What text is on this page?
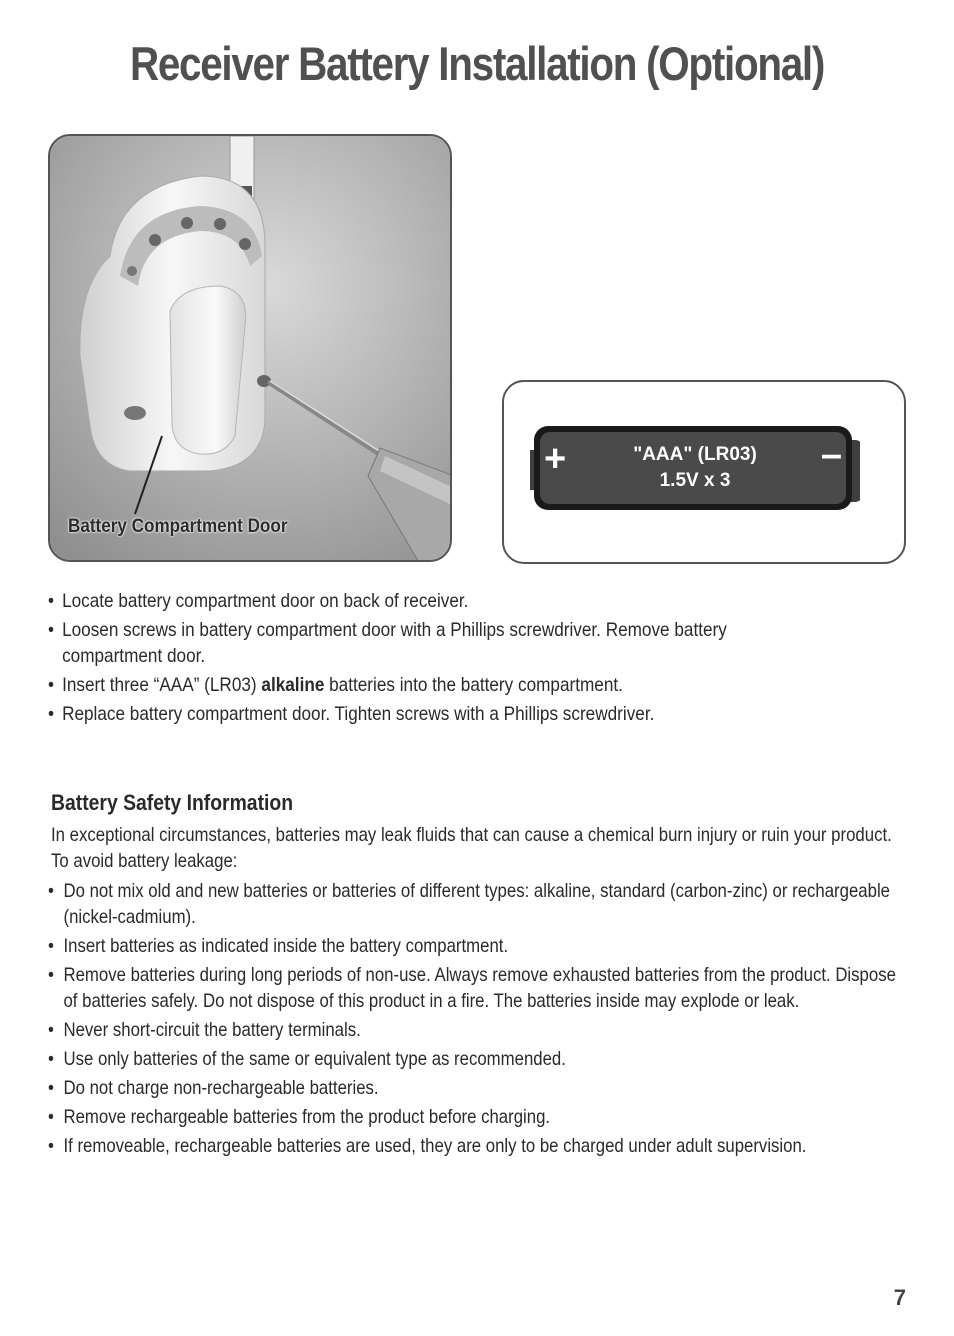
Receiver Battery Installation (Optional)
Battery Compartment Door
+	–
"AAA" (LR03)
1.5V x 3
• Locate battery compartment door on back of receiver.
• Loosen screws in battery compartment door with a Phillips screwdriver. Remove battery compartment door.
• Insert three “AAA” (LR03) alkaline batteries into the battery compartment.
• Replace battery compartment door. Tighten screws with a Phillips screwdriver.
Battery Safety Information

In exceptional circumstances, batteries may leak fluids that can cause a chemical burn injury or ruin your product. To avoid battery leakage:

• Do not mix old and new batteries or batteries of different types: alkaline, standard (carbon-zinc) or rechargeable (nickel-cadmium).
• Insert batteries as indicated inside the battery compartment.
• Remove batteries during long periods of non-use. Always remove exhausted batteries from the product. Dispose of batteries safely. Do not dispose of this product in a fire. The batteries inside may explode or leak.
• Never short-circuit the battery terminals.
• Use only batteries of the same or equivalent type as recommended.
• Do not charge non-rechargeable batteries.
• Remove rechargeable batteries from the product before charging.
• If removeable, rechargeable batteries are used, they are only to be charged under adult supervision.
7
